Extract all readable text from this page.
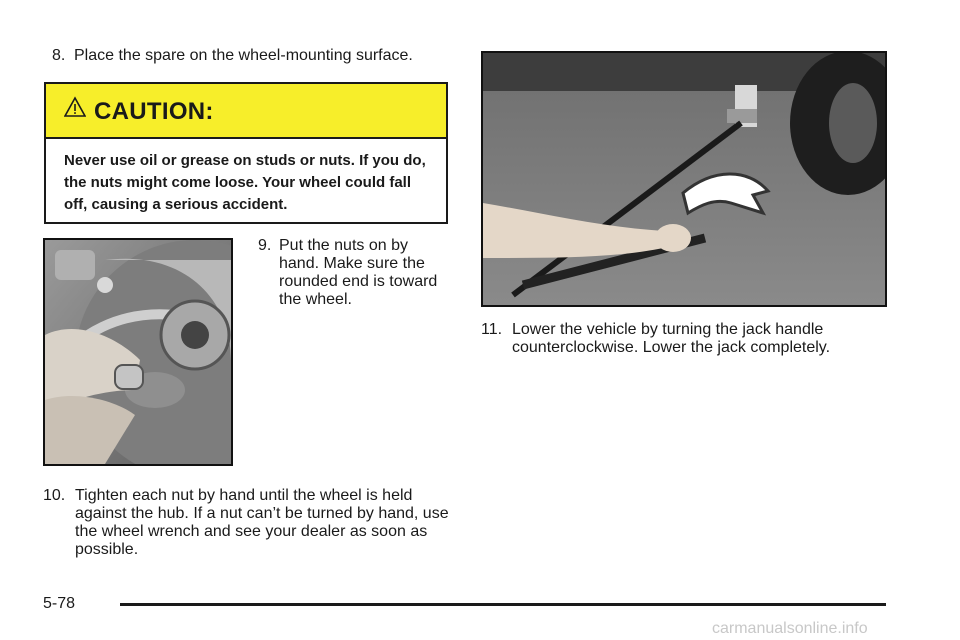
8. Place the spare on the wheel-mounting surface.
CAUTION:
Never use oil or grease on studs or nuts. If you do, the nuts might come loose. Your wheel could fall off, causing a serious accident.
9. Put the nuts on by hand. Make sure the rounded end is toward the wheel.
10. Tighten each nut by hand until the wheel is held against the hub. If a nut can’t be turned by hand, use the wheel wrench and see your dealer as soon as possible.
11. Lower the vehicle by turning the jack handle counterclockwise. Lower the jack completely.
5-78
carmanualsonline.info
